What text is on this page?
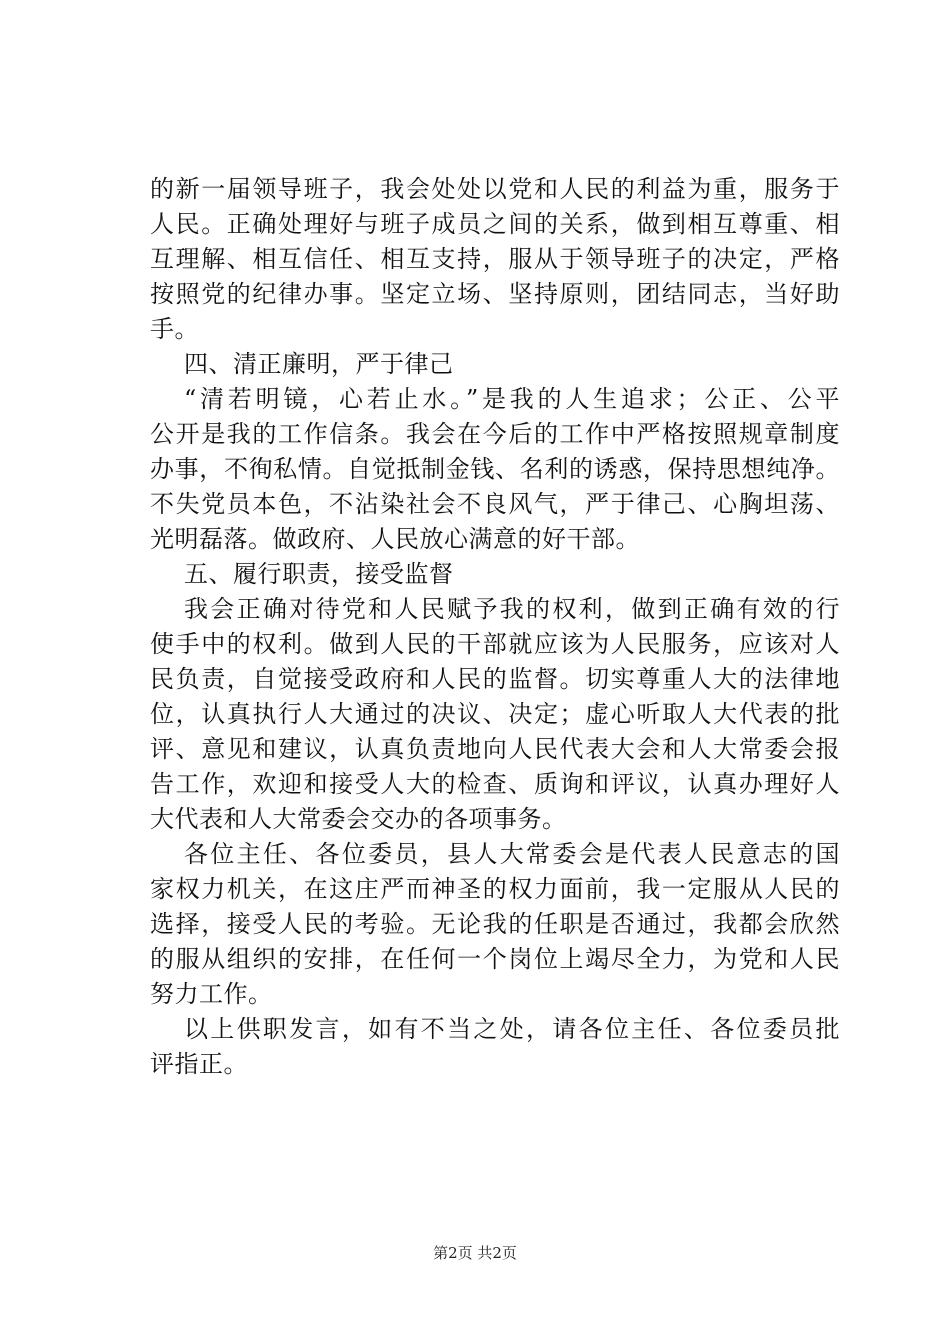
的新一届领导班子，我会处处以党和人民的利益为重，服务于
人民。正确处理好与班子成员之间的关系，做到相互尊重、相
互理解、相互信任、相互支持，服从于领导班子的决定，严格
按照党的纪律办事。坚定立场、坚持原则，团结同志，当好助
手。
四、清正廉明，严于律己
“清若明镜，心若止水。”是我的人生追求；公正、公平
公开是我的工作信条。我会在今后的工作中严格按照规章制度
办事，不徇私情。自觉抵制金钱、名利的诱惑，保持思想纯净。
不失党员本色，不沾染社会不良风气，严于律己、心胸坦荡、
光明磊落。做政府、人民放心满意的好干部。
五、履行职责，接受监督
我会正确对待党和人民赋予我的权利，做到正确有效的行
使手中的权利。做到人民的干部就应该为人民服务，应该对人
民负责，自觉接受政府和人民的监督。切实尊重人大的法律地
位，认真执行人大通过的决议、决定；虚心听取人大代表的批
评、意见和建议，认真负责地向人民代表大会和人大常委会报
告工作，欢迎和接受人大的检查、质询和评议，认真办理好人
大代表和人大常委会交办的各项事务。
各位主任、各位委员，县人大常委会是代表人民意志的国
家权力机关，在这庄严而神圣的权力面前，我一定服从人民的
选择，接受人民的考验。无论我的任职是否通过，我都会欣然
的服从组织的安排，在任何一个岗位上竭尽全力，为党和人民
努力工作。
以上供职发言，如有不当之处，请各位主任、各位委员批
评指正。
第2页 共2页
